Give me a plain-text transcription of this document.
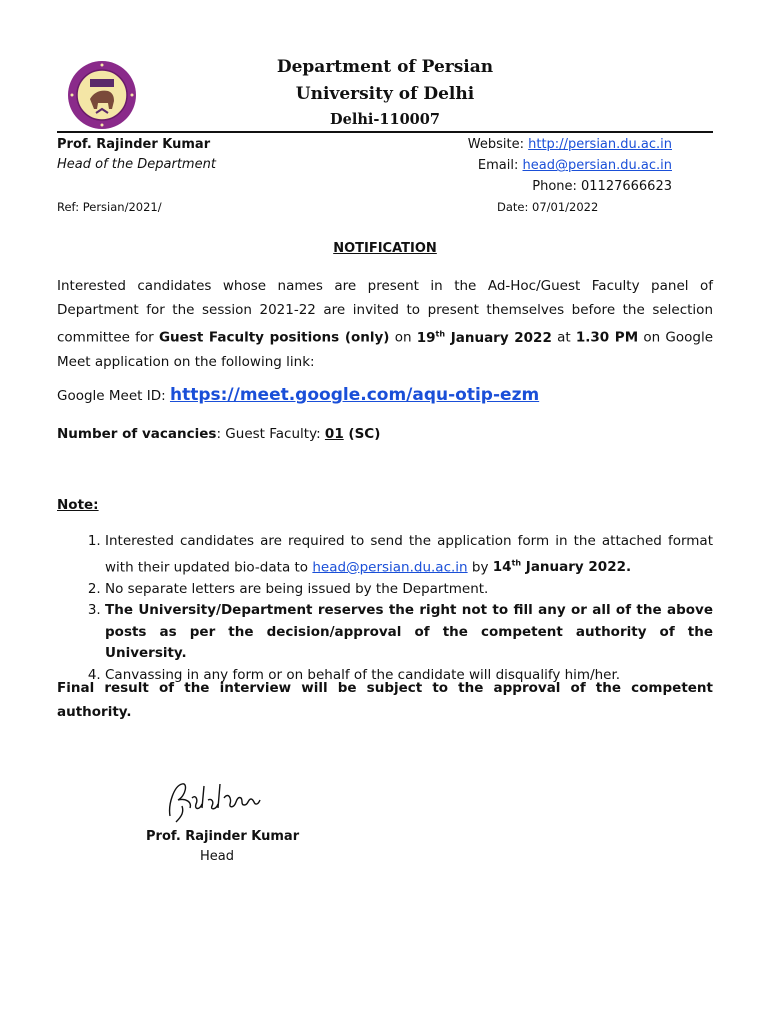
Department of Persian
University of Delhi
Delhi-110007
Prof. Rajinder Kumar
Head of the Department
Website: http://persian.du.ac.in
Email: head@persian.du.ac.in
Phone: 01127666623
Ref: Persian/2021/	Date: 07/01/2022
NOTIFICATION
Interested candidates whose names are present in the Ad-Hoc/Guest Faculty panel of Department for the session 2021-22 are invited to present themselves before the selection committee for Guest Faculty positions (only) on 19th January 2022 at 1.30 PM on Google Meet application on the following link:
Google Meet ID: https://meet.google.com/aqu-otip-ezm
Number of vacancies: Guest Faculty: 01 (SC)
Note:
1. Interested candidates are required to send the application form in the attached format with their updated bio-data to head@persian.du.ac.in by 14th January 2022.
2. No separate letters are being issued by the Department.
3. The University/Department reserves the right not to fill any or all of the above posts as per the decision/approval of the competent authority of the University.
4. Canvassing in any form or on behalf of the candidate will disqualify him/her.
Final result of the interview will be subject to the approval of the competent authority.
Prof. Rajinder Kumar
Head
